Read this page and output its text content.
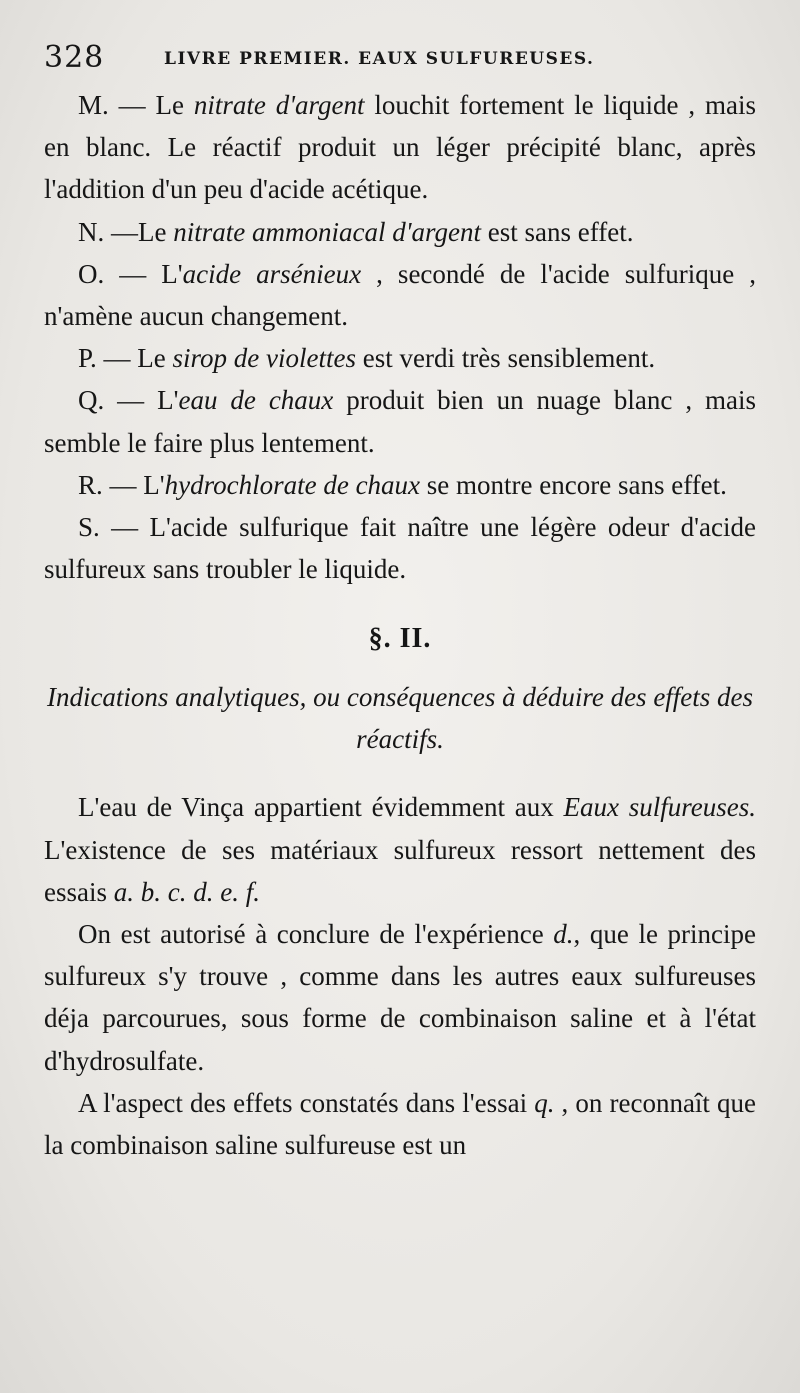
328	LIVRE PREMIER. EAUX SULFUREUSES.

M. — Le nitrate d'argent louchit fortement le liquide , mais en blanc. Le réactif produit un léger précipité blanc, après l'addition d'un peu d'acide acétique.

N. —Le nitrate ammoniacal d'argent est sans effet.

O. — L'acide arsénieux , secondé de l'acide sulfurique , n'amène aucun changement.

P. — Le sirop de violettes est verdi très sensiblement.

Q. — L'eau de chaux produit bien un nuage blanc , mais semble le faire plus lentement.

R. — L'hydrochlorate de chaux se montre encore sans effet.

S. — L'acide sulfurique fait naître une légère odeur d'acide sulfureux sans troubler le liquide.

§. II.
Indications analytiques, ou conséquences à déduire des effets des réactifs.

L'eau de Vinça appartient évidemment aux Eaux sulfureuses. L'existence de ses matériaux sulfureux ressort nettement des essais a. b. c. d. e. f.

On est autorisé à conclure de l'expérience d., que le principe sulfureux s'y trouve , comme dans les autres eaux sulfureuses déja parcourues, sous forme de combinaison saline et à l'état d'hydrosulfate.

A l'aspect des effets constatés dans l'essai q. , on reconnaît que la combinaison saline sulfureuse est un
